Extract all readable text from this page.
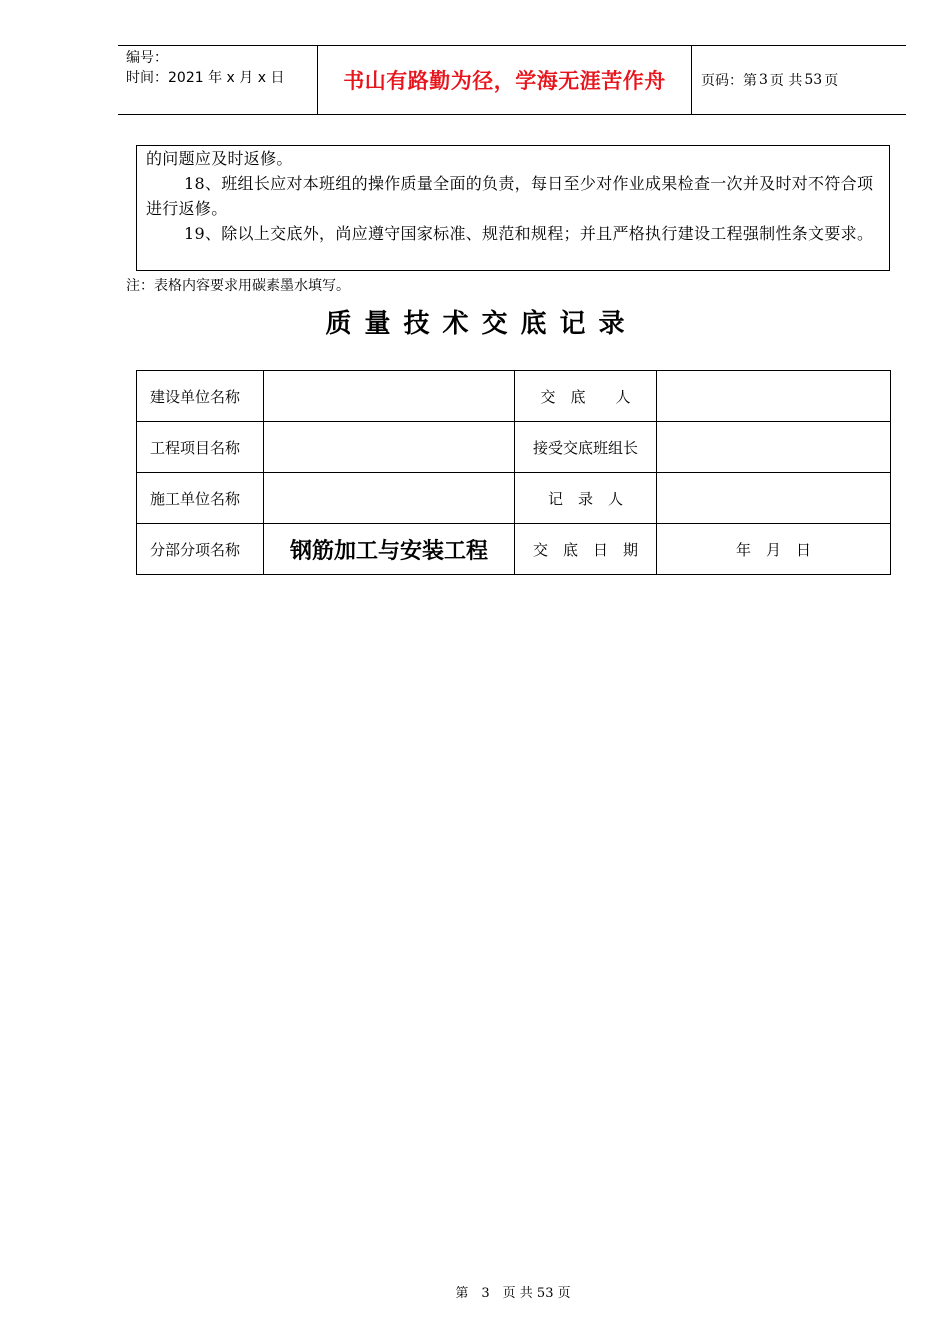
编号：
时间：2021 年 x 月 x 日	书山有路勤为径，学海无涯苦作舟	页码：第 3 页 共 53 页

的问题应及时返修。

18、班组长应对本班组的操作质量全面的负责，每日至少对作业成果检查一次并及时对不符合项进行返修。

19、除以上交底外，尚应遵守国家标准、规范和规程；并且严格执行建设工程强制性条文要求。

注：表格内容要求用碳素墨水填写。
质量技术交底记录
建设单位名称		交　底　　人	
工程项目名称		接受交底班组长	
施工单位名称		记　录　人	
分部分项名称	钢筋加工与安装工程	交　底　日　期	年　月　日
第　3　页 共 53 页
